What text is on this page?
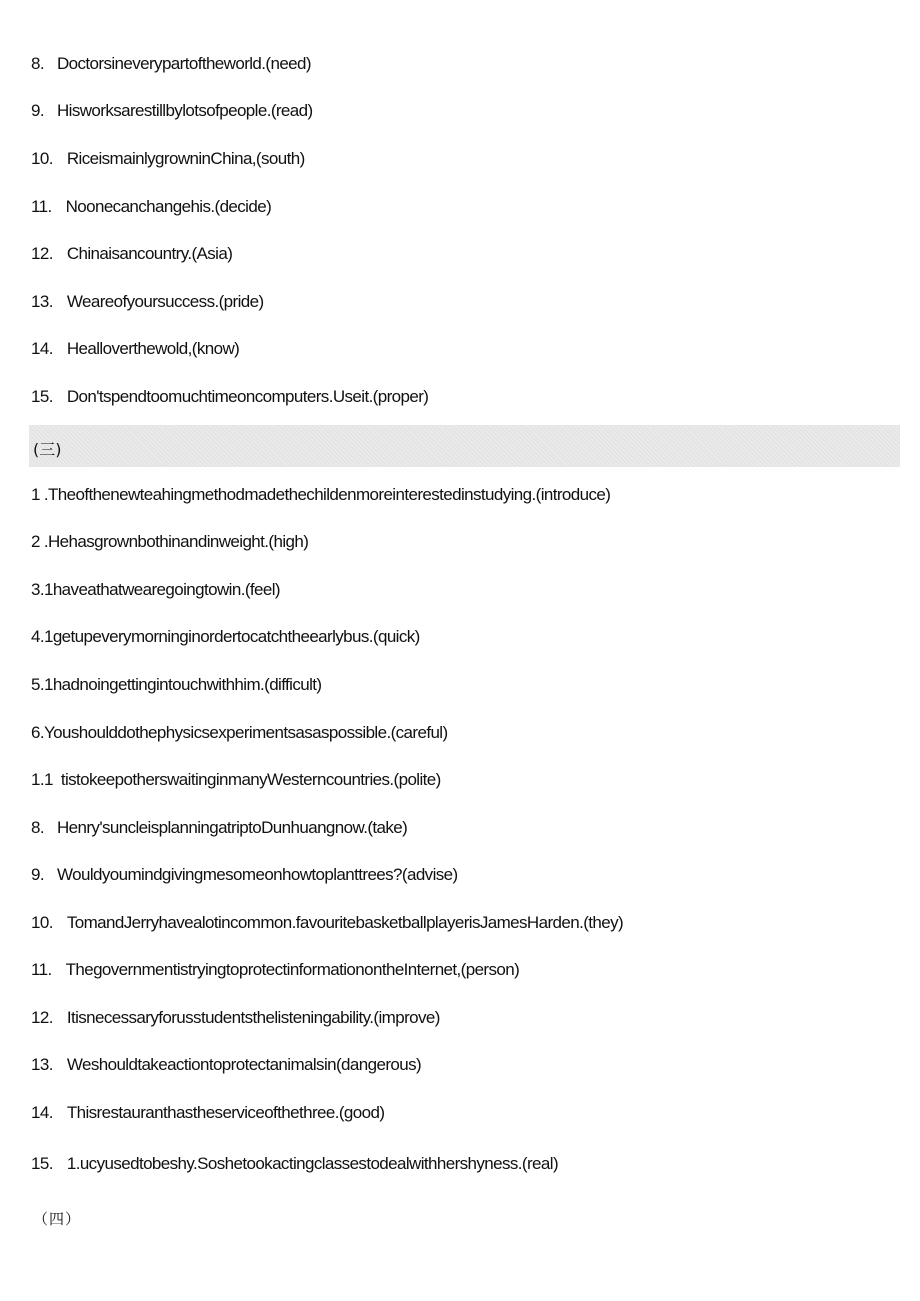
8. Doctorsineverypartoftheworld.(need)
9. Hisworksarestillbylotsofpeople.(read)
10. RiceismainlygrowninChina,(south)
11. Noonecanchangehis.(decide)
12. Chinaisancountry.(Asia)
13. Weareofyoursuccess.(pride)
14. Healloverthewold,(know)
15. Don'tspendtoomuchtimeoncomputers.Useit.(proper)
(三)
1 .Theofthenewteahingmethodmadethechildenmoreinterestedinstudying.(introduce)
2 .Hehasgrownbothinandinweight.(high)
3.1haveathatwearegoingtowin.(feel)
4.1getupeverymorninginordertocatchtheearlybus.(quick)
5.1hadnoingettingintouchwithhim.(difficult)
6.Youshoulddothephysicsexperimentsasaspossible.(careful)
1.1 tistokeepotherswaitinginmanyWesterncountries.(polite)
8. Henry'suncleisplanningatriptoDunhuangnow.(take)
9. Wouldyoumindgivingmesomeonhowtoplanttrees?(advise)
10. TomandJerryhavealotincommon.favouritebasketballplayerisJamesHarden.(they)
11. ThegovernmentistryingtoprotectinformationontheInternet,(person)
12. Itisnecessaryforusstudentsthelisteningability.(improve)
13. Weshouldtakeactiontoprotectanimalsin(dangerous)
14. Thisrestauranthastheserviceofthethree.(good)
15. 1.ucyusedtobeshy.Soshetookactingclassestodealwithhershyness.(real)
（四）
